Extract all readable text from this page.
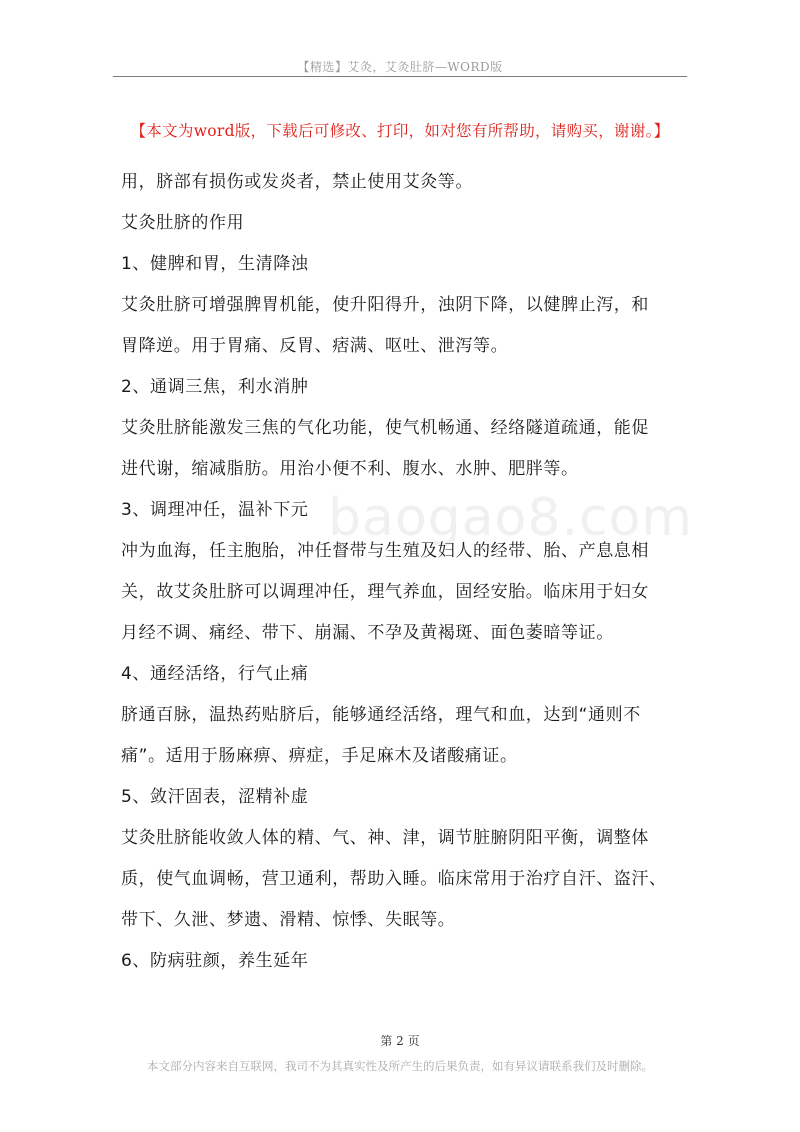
【精选】艾灸，艾灸肚脐—WORD版
【本文为word版，下载后可修改、打印，如对您有所帮助，请购买，谢谢。】
baogao8.com

用，脐部有损伤或发炎者，禁止使用艾灸等。

艾灸肚脐的作用

1、健脾和胃，生清降浊

艾灸肚脐可增强脾胃机能，使升阳得升，浊阴下降，以健脾止泻，和

胃降逆。用于胃痛、反胃、痞满、呕吐、泄泻等。

2、通调三焦，利水消肿

艾灸肚脐能激发三焦的气化功能，使气机畅通、经络隧道疏通，能促

进代谢，缩减脂肪。用治小便不利、腹水、水肿、肥胖等。

3、调理冲任，温补下元

冲为血海，任主胞胎，冲任督带与生殖及妇人的经带、胎、产息息相

关，故艾灸肚脐可以调理冲任，理气养血，固经安胎。临床用于妇女

月经不调、痛经、带下、崩漏、不孕及黄褐斑、面色萎暗等证。

4、通经活络，行气止痛

脐通百脉，温热药贴脐后，能够通经活络，理气和血，达到“通则不

痛”。适用于肠麻痹、痹症，手足麻木及诸酸痛证。

5、敛汗固表，涩精补虚

艾灸肚脐能收敛人体的精、气、神、津，调节脏腑阴阳平衡，调整体

质，使气血调畅，营卫通利，帮助入睡。临床常用于治疗自汗、盗汗、

带下、久泄、梦遗、滑精、惊悸、失眠等。

6、防病驻颜，养生延年

第 2 页
本文部分内容来自互联网，我司不为其真实性及所产生的后果负责，如有异议请联系我们及时删除。
